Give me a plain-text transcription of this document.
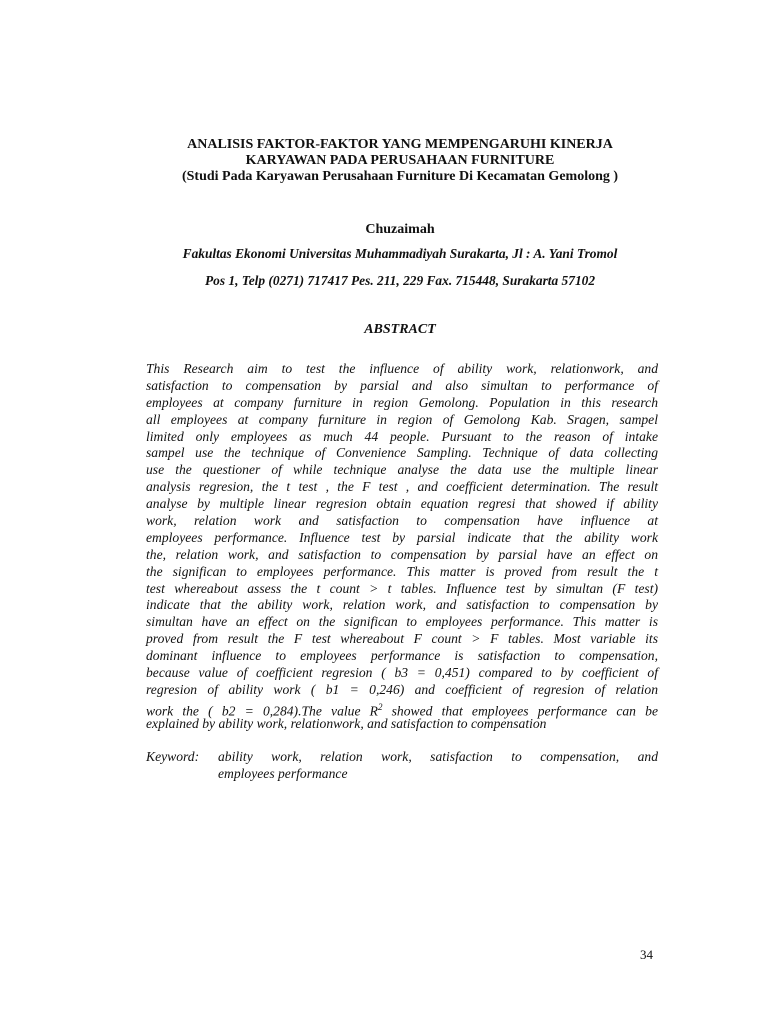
ANALISIS FAKTOR-FAKTOR YANG MEMPENGARUHI KINERJA
KARYAWAN PADA PERUSAHAAN FURNITURE
(Studi Pada Karyawan Perusahaan Furniture Di Kecamatan Gemolong )
Chuzaimah
Fakultas Ekonomi Universitas Muhammadiyah Surakarta, Jl : A. Yani Tromol
Pos 1, Telp (0271) 717417 Pes. 211, 229 Fax. 715448, Surakarta 57102
ABSTRACT
This Research aim to test the influence of ability work, relationwork, and
satisfaction to compensation by parsial and also simultan to performance of
employees at company furniture in region Gemolong. Population in this research
all employees at company furniture in region of Gemolong Kab. Sragen, sampel
limited only employees as much 44 people. Pursuant to the reason of intake
sampel use the technique of Convenience Sampling. Technique of data collecting
use the questioner of while technique analyse the data use the multiple linear
analysis regresion, the t test , the F test , and coefficient determination. The result
analyse by multiple linear regresion obtain equation regresi that showed if ability
work, relation work and satisfaction to compensation have influence at
employees performance. Influence test by parsial indicate that the ability work
the, relation work, and satisfaction to compensation by parsial have an effect on
the significan to employees performance. This matter is proved from result the t
test whereabout assess the t count > t tables. Influence test by simultan (F test)
indicate that the ability work, relation work, and satisfaction to compensation by
simultan have an effect on the significan to employees performance. This matter is
proved from result the F test whereabout F count > F tables. Most variable its
dominant influence to employees performance is satisfaction to compensation,
because value of coefficient regresion ( b3 = 0,451) compared to by coefficient of
regresion of ability work ( b1 = 0,246) and coefficient of regresion of relation
work the ( b2 = 0,284).The value $R^2$ showed that employees performance can be
explained by ability work, relationwork, and satisfaction to compensation
Keyword: ability work, relation work, satisfaction to compensation, and
employees performance
34
